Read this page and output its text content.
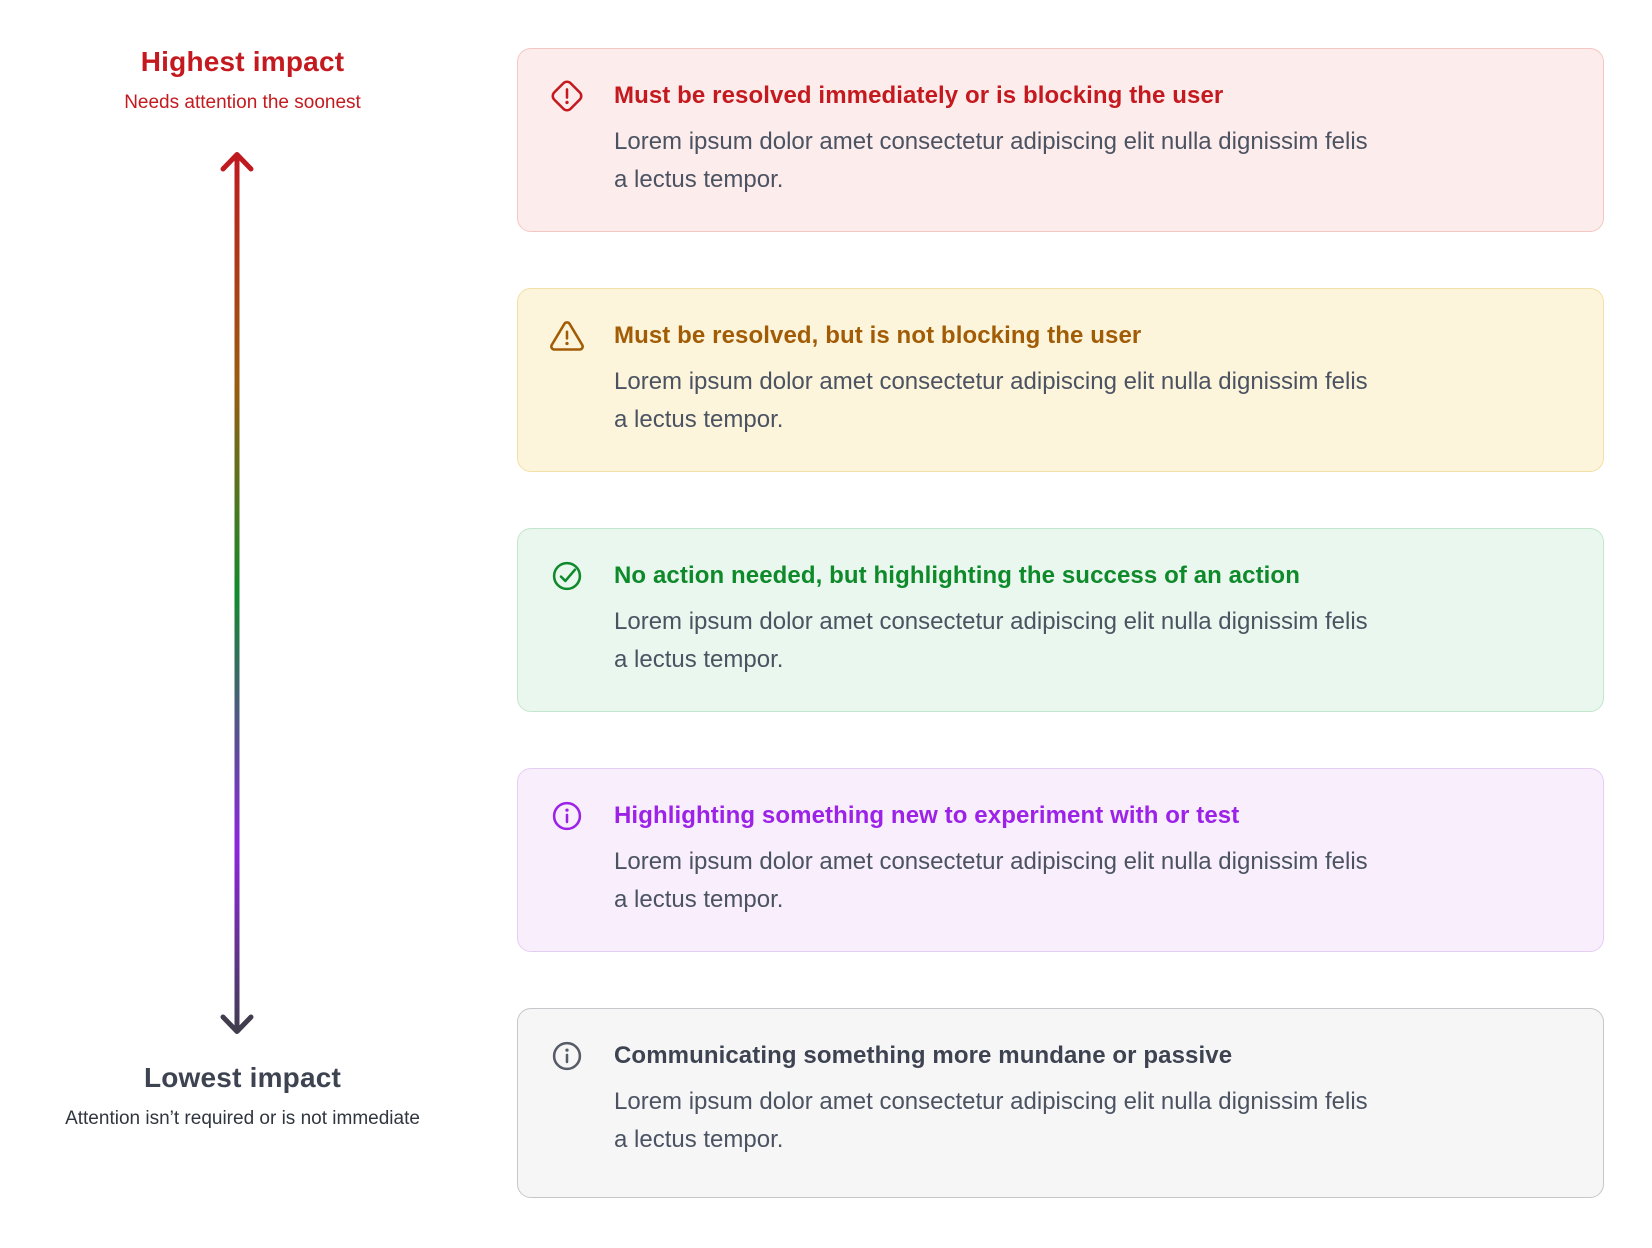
Highest impact
Needs attention the soonest
Lowest impact
Attention isn’t required or is not immediate
Must be resolved immediately or is blocking the user
Lorem ipsum dolor amet consectetur adipiscing elit nulla dignissim felis
a lectus tempor.
Must be resolved, but is not blocking the user
Lorem ipsum dolor amet consectetur adipiscing elit nulla dignissim felis
a lectus tempor.
No action needed, but highlighting the success of an action
Lorem ipsum dolor amet consectetur adipiscing elit nulla dignissim felis
a lectus tempor.
Highlighting something new to experiment with or test
Lorem ipsum dolor amet consectetur adipiscing elit nulla dignissim felis
a lectus tempor.
Communicating something more mundane or passive
Lorem ipsum dolor amet consectetur adipiscing elit nulla dignissim felis
a lectus tempor.
